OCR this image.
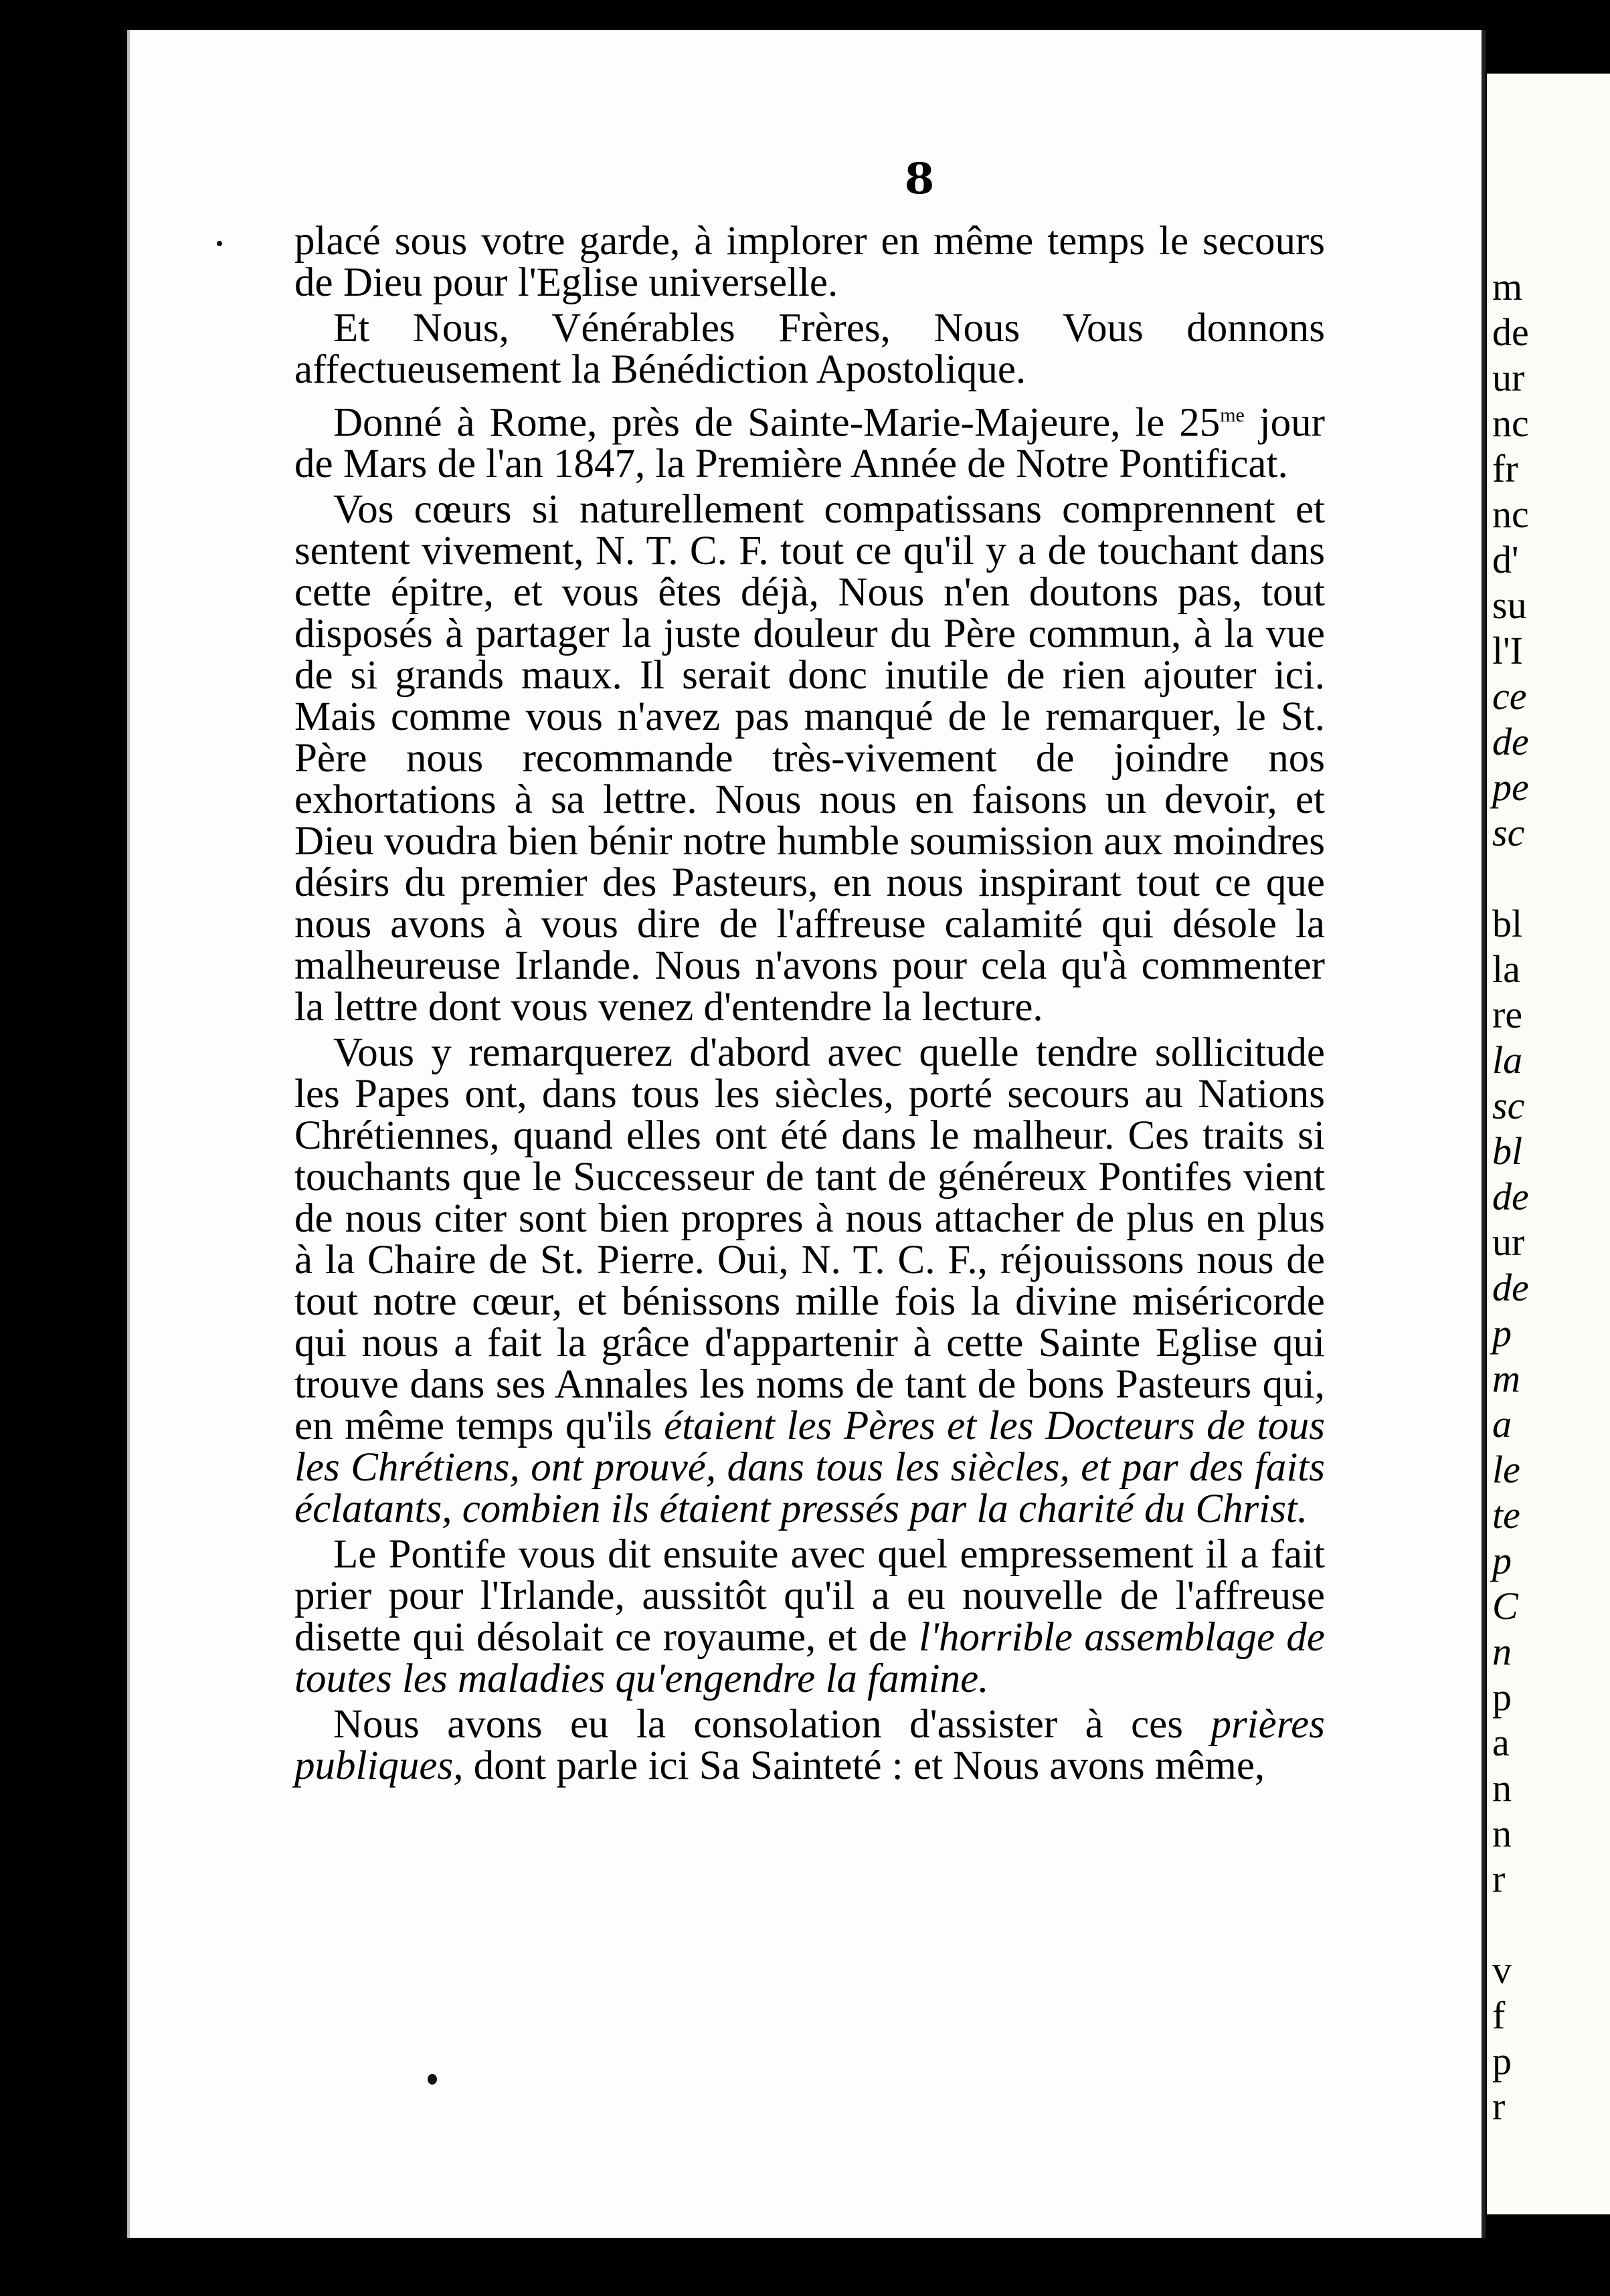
8

placé sous votre garde, à implorer en même temps le secours de Dieu pour l'Eglise universelle.

Et Nous, Vénérables Frères, Nous Vous donnons affectueusement la Bénédiction Apostolique.

Donné à Rome, près de Sainte-Marie-Majeure, le $25^{me}$ jour de Mars de l'an 1847, la Première Année de Notre Pontificat.

Vos cœurs si naturellement compatissans comprennent et sentent vivement, N. T. C. F. tout ce qu'il y a de touchant dans cette épitre, et vous êtes déjà, Nous n'en doutons pas, tout disposés à partager la juste douleur du Père commun, à la vue de si grands maux. Il serait donc inutile de rien ajouter ici. Mais comme vous n'avez pas manqué de le remarquer, le St. Père nous recommande très-vivement de joindre nos exhortations à sa lettre. Nous nous en faisons un devoir, et Dieu voudra bien bénir notre humble soumission aux moindres désirs du premier des Pasteurs, en nous inspirant tout ce que nous avons à vous dire de l'affreuse calamité qui désole la malheureuse Irlande. Nous n'avons pour cela qu'à commenter la lettre dont vous venez d'entendre la lecture.

Vous y remarquerez d'abord avec quelle tendre sollicitude les Papes ont, dans tous les siècles, porté secours au Nations Chrétiennes, quand elles ont été dans le malheur. Ces traits si touchants que le Successeur de tant de généreux Pontifes vient de nous citer sont bien propres à nous attacher de plus en plus à la Chaire de St. Pierre. Oui, N. T. C. F., réjouissons nous de tout notre cœur, et bénissons mille fois la divine miséricorde qui nous a fait la grâce d'appartenir à cette Sainte Eglise qui trouve dans ses Annales les noms de tant de bons Pasteurs qui, en même temps qu'ils étaient les Pères et les Docteurs de tous les Chrétiens, ont prouvé, dans tous les siècles, et par des faits éclatants, combien ils étaient pressés par la charité du Christ.

Le Pontife vous dit ensuite avec quel empressement il a fait prier pour l'Irlande, aussitôt qu'il a eu nouvelle de l'affreuse disette qui désolait ce royaume, et de l'horrible assemblage de toutes les maladies qu'engendre la famine.

Nous avons eu la consolation d'assister à ces prières publiques, dont parle ici Sa Sainteté : et Nous avons même,

m
de
ur
nc
fr
nc
d'
su
l'I
ce
de
pe
sc

bl
la
re
la
sc
bl
de
ur
de
p
m
a
le
te
p
C
n
p
a
n
n
r

v
f
p
r
